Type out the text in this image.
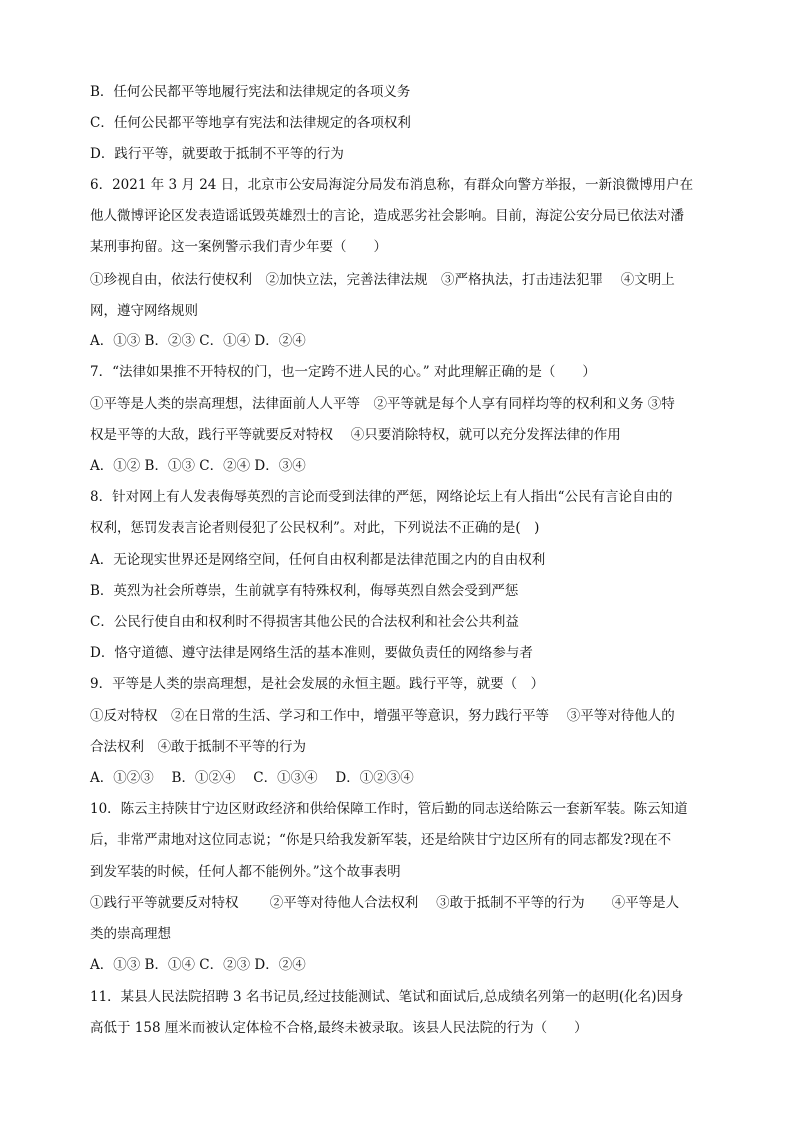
B．任何公民都平等地履行宪法和法律规定的各项义务
C．任何公民都平等地享有宪法和法律规定的各项权利
D．践行平等，就要敢于抵制不平等的行为
6．2021 年 3 月 24 日，北京市公安局海淀分局发布消息称，有群众向警方举报，一新浪微博用户在
他人微博评论区发表造谣诋毁英雄烈士的言论，造成恶劣社会影响。目前，海淀公安分局已依法对潘
某刑事拘留。这一案例警示我们青少年要（　　）
①珍视自由，依法行使权利　②加快立法，完善法律法规　③严格执法，打击违法犯罪　 ④文明上
网，遵守网络规则
A．①③ B．②③ C．①④ D．②④
7．“法律如果推不开特权的门，也一定跨不进人民的心。” 对此理解正确的是（　　）
①平等是人类的崇高理想，法律面前人人平等　②平等就是每个人享有同样均等的权利和义务 ③特
权是平等的大敌，践行平等就要反对特权　 ④只要消除特权，就可以充分发挥法律的作用
A．①② B．①③ C．②④ D．③④
8．针对网上有人发表侮辱英烈的言论而受到法律的严惩，网络论坛上有人指出“公民有言论自由的
权利，惩罚发表言论者则侵犯了公民权利”。对此，下列说法不正确的是(　)
A．无论现实世界还是网络空间，任何自由权利都是法律范围之内的自由权利
B．英烈为社会所尊崇，生前就享有特殊权利，侮辱英烈自然会受到严惩
C．公民行使自由和权利时不得损害其他公民的合法权利和社会公共利益
D．恪守道德、遵守法律是网络生活的基本准则，要做负责任的网络参与者
9．平等是人类的崇高理想，是社会发展的永恒主题。践行平等，就要（　）
①反对特权　②在日常的生活、学习和工作中，增强平等意识，努力践行平等　 ③平等对待他人的
合法权利　④敢于抵制不平等的行为
A．①②③　 B．①②④　 C．①③④　 D．①②③④
10．陈云主持陕甘宁边区财政经济和供给保障工作时，管后勤的同志送给陈云一套新军装。陈云知道
后，非常严肃地对这位同志说；“你是只给我发新军装，还是给陕甘宁边区所有的同志都发?现在不
到发军装的时候，任何人都不能例外。”这个故事表明
①践行平等就要反对特权　　 ②平等对待他人合法权利　 ③敢于抵制不平等的行为　　④平等是人
类的崇高理想
A．①③ B．①④ C．②③ D．②④
11．某县人民法院招聘 3 名书记员,经过技能测试、笔试和面试后,总成绩名列第一的赵明(化名)因身
高低于 158 厘米而被认定体检不合格,最终未被录取。该县人民法院的行为（　　）
